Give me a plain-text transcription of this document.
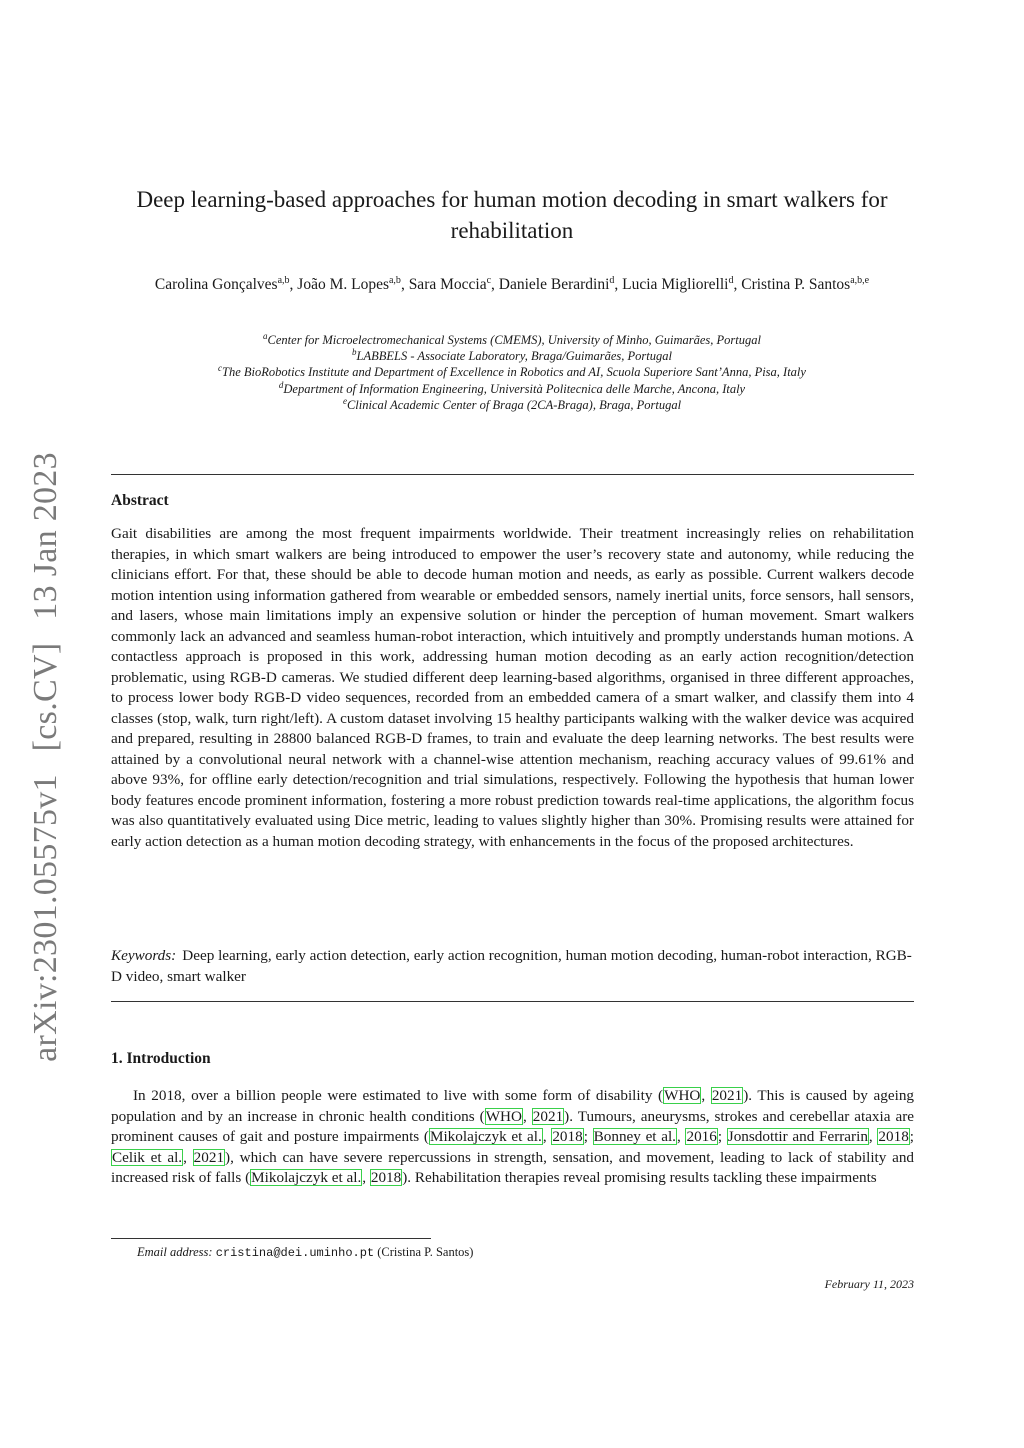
arXiv:2301.05575v1 [cs.CV] 13 Jan 2023
Deep learning-based approaches for human motion decoding in smart walkers for rehabilitation
Carolina Gonçalves$^{a,b}$, João M. Lopes$^{a,b}$, Sara Moccia$^c$, Daniele Berardini$^d$, Lucia Migliorelli$^d$, Cristina P. Santos$^{a,b,e}$
$^a$Center for Microelectromechanical Systems (CMEMS), University of Minho, Guimarães, Portugal
$^b$LABBELS - Associate Laboratory, Braga/Guimarães, Portugal
$^c$The BioRobotics Institute and Department of Excellence in Robotics and AI, Scuola Superiore Sant’Anna, Pisa, Italy
$^d$Department of Information Engineering, Università Politecnica delle Marche, Ancona, Italy
$^e$Clinical Academic Center of Braga (2CA-Braga), Braga, Portugal
Abstract

Gait disabilities are among the most frequent impairments worldwide. Their treatment increasingly relies on rehabilitation therapies, in which smart walkers are being introduced to empower the user’s recovery state and autonomy, while reducing the clinicians effort. For that, these should be able to decode human motion and needs, as early as possible. Current walkers decode motion intention using information gathered from wearable or embedded sensors, namely inertial units, force sensors, hall sensors, and lasers, whose main limitations imply an expensive solution or hinder the perception of human movement. Smart walkers commonly lack an advanced and seamless human-robot interaction, which intuitively and promptly understands human motions. A contactless approach is proposed in this work, addressing human motion decoding as an early action recognition/detection problematic, using RGB-D cameras. We studied different deep learning-based algorithms, organised in three different approaches, to process lower body RGB-D video sequences, recorded from an embedded camera of a smart walker, and classify them into 4 classes (stop, walk, turn right/left). A custom dataset involving 15 healthy participants walking with the walker device was acquired and prepared, resulting in 28800 balanced RGB-D frames, to train and evaluate the deep learning networks. The best results were attained by a convolutional neural network with a channel-wise attention mechanism, reaching accuracy values of 99.61% and above 93%, for offline early detection/recognition and trial simulations, respectively. Following the hypothesis that human lower body features encode prominent information, fostering a more robust prediction towards real-time applications, the algorithm focus was also quantitatively evaluated using Dice metric, leading to values slightly higher than 30%. Promising results were attained for early action detection as a human motion decoding strategy, with enhancements in the focus of the proposed architectures.

Keywords: Deep learning, early action detection, early action recognition, human motion decoding, human-robot interaction, RGB-D video, smart walker

1. Introduction

In 2018, over a billion people were estimated to live with some form of disability (WHO, 2021). This is caused by ageing population and by an increase in chronic health conditions (WHO, 2021). Tumours, aneurysms, strokes and cerebellar ataxia are prominent causes of gait and posture impairments (Mikolajczyk et al., 2018; Bonney et al., 2016; Jonsdottir and Ferrarin, 2018; Celik et al., 2021), which can have severe repercussions in strength, sensation, and movement, leading to lack of stability and increased risk of falls (Mikolajczyk et al., 2018). Rehabilitation therapies reveal promising results tackling these impairments

Email address: cristina@dei.uminho.pt (Cristina P. Santos)
February 11, 2023
